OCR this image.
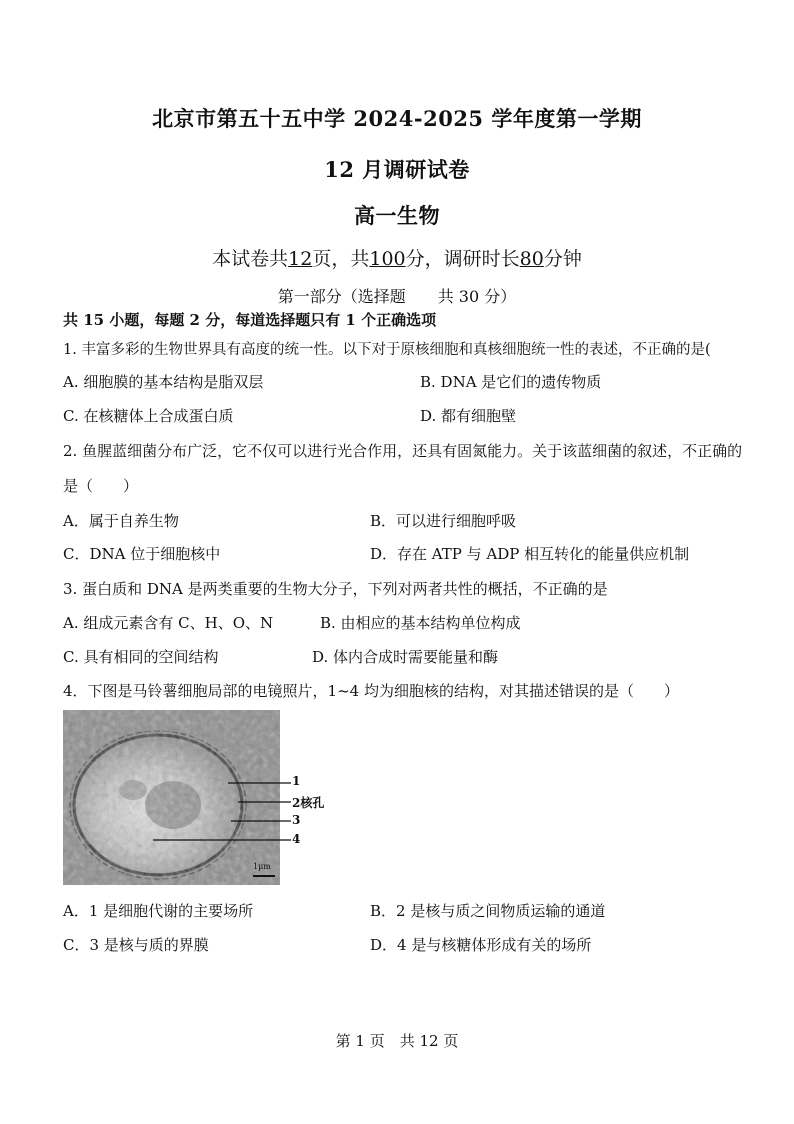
北京市第五十五中学 2024-2025 学年度第一学期
12 月调研试卷
高一生物
本试卷共12页，共100分，调研时长80分钟
第一部分（选择题　　共 30 分）
共 15 小题，每题 2 分，每道选择题只有 1 个正确选项
1. 丰富多彩的生物世界具有高度的统一性。以下对于原核细胞和真核细胞统一性的表述，不正确的是(
A. 细胞膜的基本结构是脂双层	B. DNA 是它们的遗传物质
C. 在核糖体上合成蛋白质	D. 都有细胞壁
2. 鱼腥蓝细菌分布广泛，它不仅可以进行光合作用，还具有固氮能力。关于该蓝细菌的叙述，不正确的
是（　　）
A．属于自养生物	B．可以进行细胞呼吸
C．DNA 位于细胞核中	D．存在 ATP 与 ADP 相互转化的能量供应机制
3. 蛋白质和 DNA 是两类重要的生物大分子，下列对两者共性的概括，不正确的是
A. 组成元素含有 C、H、O、N	B. 由相应的基本结构单位构成
C. 具有相同的空间结构	D. 体内合成时需要能量和酶
4．下图是马铃薯细胞局部的电镜照片，1~4 均为细胞核的结构，对其描述错误的是（　　）
1
2核孔
3
4
1μm
A．1 是细胞代谢的主要场所	B．2 是核与质之间物质运输的通道
C．3 是核与质的界膜	D．4 是与核糖体形成有关的场所
第 1 页　共 12 页
